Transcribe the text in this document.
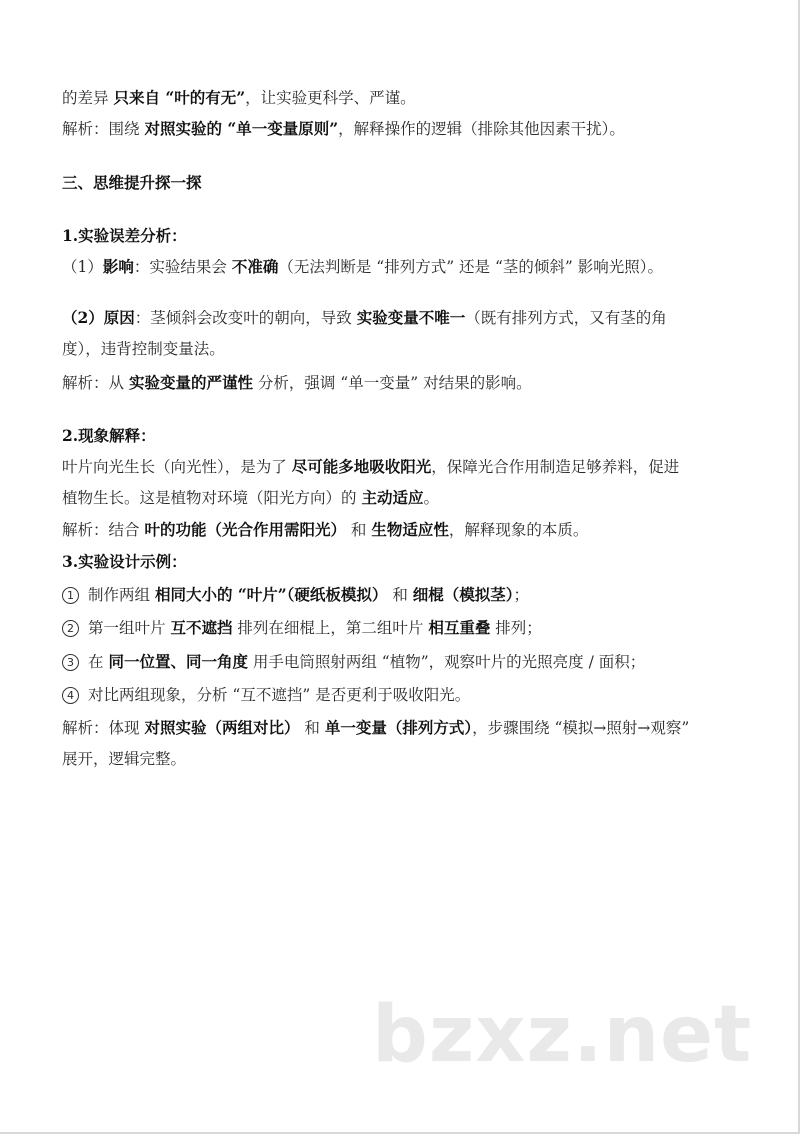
的差异 只来自 “叶的有无”，让实验更科学、严谨。
解析：围绕 对照实验的 “单一变量原则”，解释操作的逻辑（排除其他因素干扰）。
三、思维提升探一探
1.实验误差分析：
（1）影响：实验结果会 不准确（无法判断是 “排列方式” 还是 “茎的倾斜” 影响光照）。
（2）原因：茎倾斜会改变叶的朝向，导致 实验变量不唯一（既有排列方式，又有茎的角
度），违背控制变量法。
解析：从 实验变量的严谨性 分析，强调 “单一变量” 对结果的影响。
2.现象解释：
叶片向光生长（向光性），是为了 尽可能多地吸收阳光，保障光合作用制造足够养料，促进
植物生长。这是植物对环境（阳光方向）的 主动适应。
解析：结合 叶的功能（光合作用需阳光） 和 生物适应性，解释现象的本质。
3.实验设计示例：
1 制作两组 相同大小的 “叶片”（硬纸板模拟） 和 细棍（模拟茎）；
2 第一组叶片 互不遮挡 排列在细棍上，第二组叶片 相互重叠 排列；
3 在 同一位置、同一角度 用手电筒照射两组 “植物”，观察叶片的光照亮度 / 面积；
4 对比两组现象，分析 “互不遮挡” 是否更利于吸收阳光。
解析：体现 对照实验（两组对比） 和 单一变量（排列方式），步骤围绕 “模拟→照射→观察”
展开，逻辑完整。
bzxz.net
